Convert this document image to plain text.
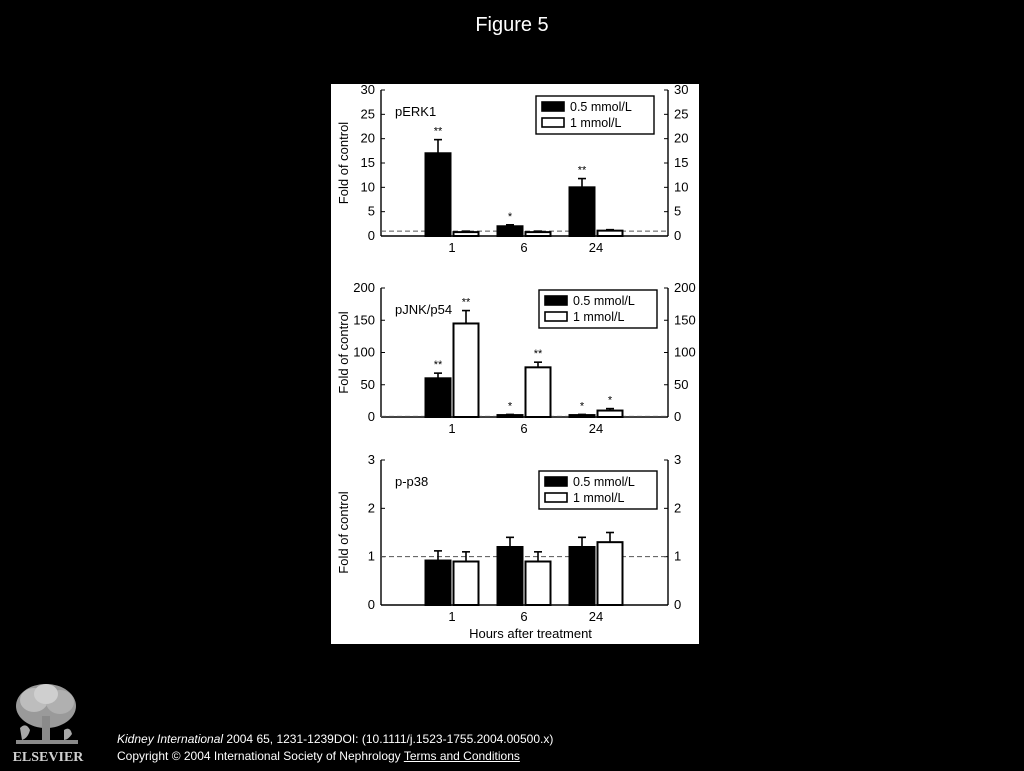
Figure 5
0	0
5	5
10	10
15	15
20	20
25	25
30	30
**
*
**
1	6	24
pERK1
Fold of control
0.5 mmol/L
1 mmol/L
0	0
50	50
100	100
150	150
200	200
**
*	*
**
**
*
1	6	24
pJNK/p54
Fold of control
0.5 mmol/L
1 mmol/L
0	0
1	1
2	2
3	3
1	6	24
p-p38
Fold of control
Hours after treatment
0.5 mmol/L
1 mmol/L
ELSEVIER
Kidney International 2004 65, 1231-1239DOI: (10.1111/j.1523-1755.2004.00500.x)
Copyright © 2004 International Society of Nephrology Terms and Conditions
